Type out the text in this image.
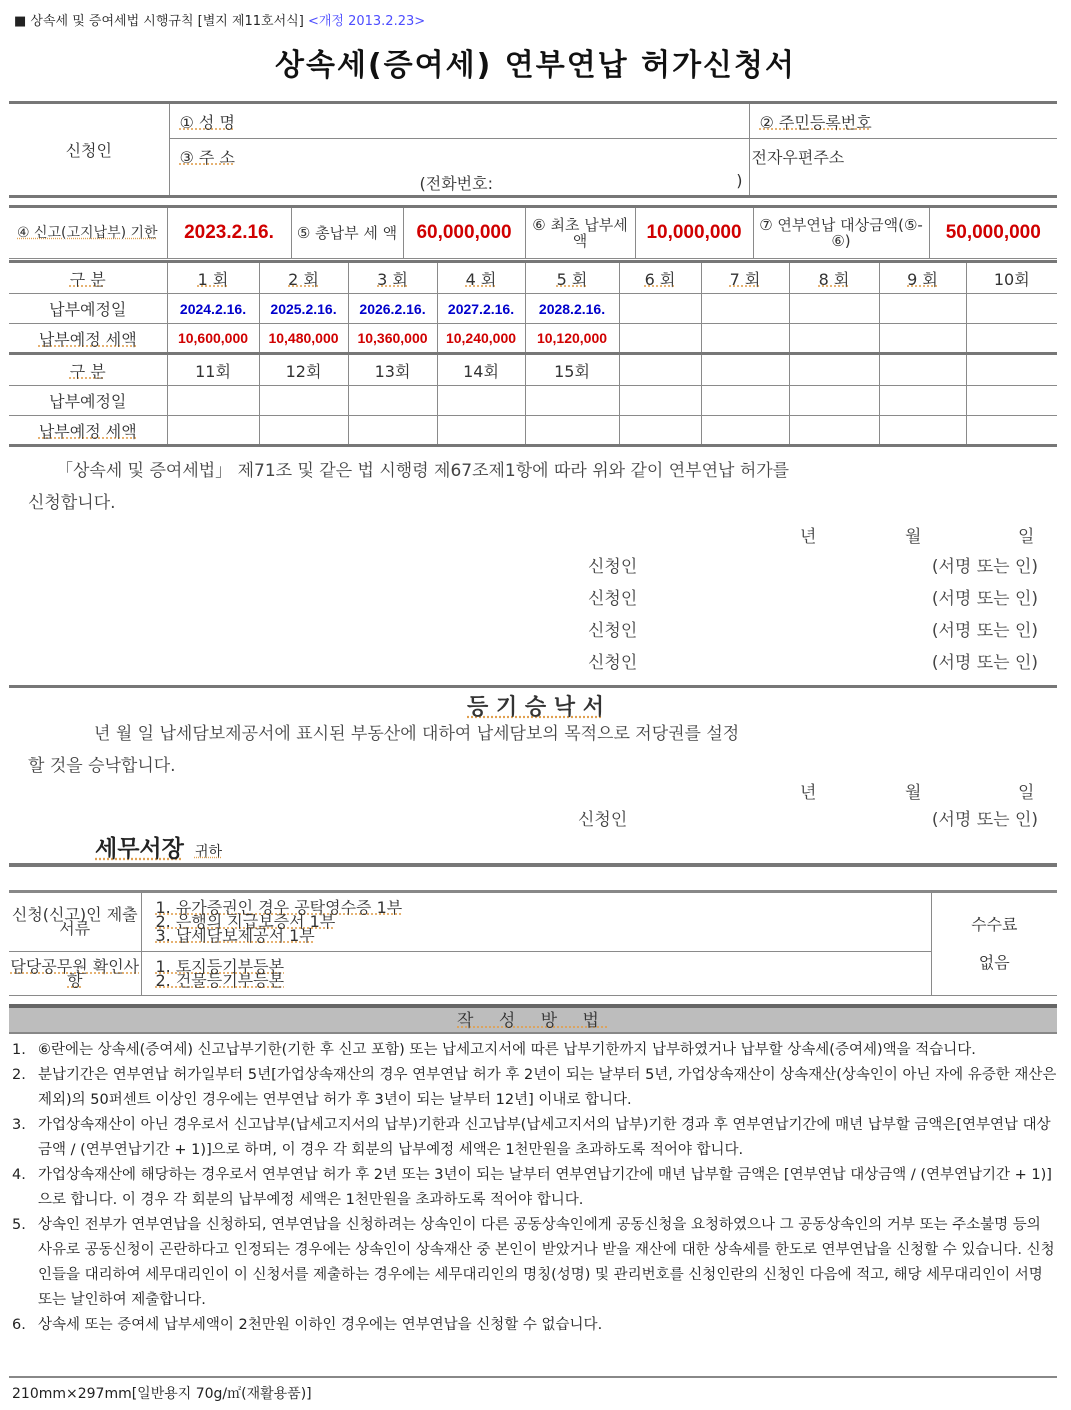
■ 상속세 및 증여세법 시행규칙 [별지 제11호서식] <개정 2013.2.23>
상속세(증여세) 연부연납 허가신청서
신청인	① 성 명	② 주민등록번호

	③ 주 소
(전화번호: )	전자우편주소
④ 신고(고지납부) 기한	2023.2.16.	⑤ 총납부 세 액	60,000,000	⑥ 최초 납부세액	10,000,000	⑦ 연부연납 대상금액(⑤-⑥)	50,000,000
구 분	1 회	2 회	3 회	4 회	5 회	6 회	7 회	8 회	9 회	10회
납부예정일	2024.2.16.	2025.2.16.	2026.2.16.	2027.2.16.	2028.2.16.					
납부예정 세액	10,600,000	10,480,000	10,360,000	10,240,000	10,120,000					
구 분	11회	12회	13회	14회	15회					
납부예정일										
납부예정 세액										
「상속세 및 증여세법」 제71조 및 같은 법 시행령 제67조제1항에 따라 위와 같이 연부연납 허가를
신청합니다.
년	월	일
신청인	(서명 또는 인)
신청인	(서명 또는 인)
신청인	(서명 또는 인)
신청인	(서명 또는 인)
등 기 승 낙 서
년 월 일 납세담보제공서에 표시된 부동산에 대하여 납세담보의 목적으로 저당권를 설정
할 것을 승낙합니다.
년	월	일
신청인	(서명 또는 인)
세무서장 귀하
신청(신고)인 제출서류	
1. 유가증권인 경우 공탁영수증 1부
2. 은행의 지급보증서 1부
3. 납세담보제공서 1부

수수료
없음

담당공무원 확인사항	1. 토지등기부등본
2. 건물등기부등본	
작 성 방 법
1. ⑥란에는 상속세(증여세) 신고납부기한(기한 후 신고 포함) 또는 납세고지서에 따른 납부기한까지 납부하였거나 납부할 상속세(증여세)액을 적습니다.
2. 분납기간은 연부연납 허가일부터 5년[가업상속재산의 경우 연부연납 허가 후 2년이 되는 날부터 5년, 가업상속재산이 상속재산(상속인이 아닌 자에 유증한 재산은 제외)의 50퍼센트 이상인 경우에는 연부연납 허가 후 3년이 되는 날부터 12년] 이내로 합니다.
3. 가업상속재산이 아닌 경우로서 신고납부(납세고지서의 납부)기한과 신고납부(납세고지서의 납부)기한 경과 후 연부연납기간에 매년 납부할 금액은[연부연납 대상금액 / (연부연납기간 + 1)]으로 하며, 이 경우 각 회분의 납부예정 세액은 1천만원을 초과하도록 적어야 합니다.
4. 가업상속재산에 해당하는 경우로서 연부연납 허가 후 2년 또는 3년이 되는 날부터 연부연납기간에 매년 납부할 금액은 [연부연납 대상금액 / (연부연납기간 + 1)]으로 합니다. 이 경우 각 회분의 납부예정 세액은 1천만원을 초과하도록 적어야 합니다.
5. 상속인 전부가 연부연납을 신청하되, 연부연납을 신청하려는 상속인이 다른 공동상속인에게 공동신청을 요청하였으나 그 공동상속인의 거부 또는 주소불명 등의 사유로 공동신청이 곤란하다고 인정되는 경우에는 상속인이 상속재산 중 본인이 받았거나 받을 재산에 대한 상속세를 한도로 연부연납을 신청할 수 있습니다. 신청인들을 대리하여 세무대리인이 이 신청서를 제출하는 경우에는 세무대리인의 명칭(성명) 및 관리번호를 신청인란의 신청인 다음에 적고, 해당 세무대리인이 서명 또는 날인하여 제출합니다.
6. 상속세 또는 증여세 납부세액이 2천만원 이하인 경우에는 연부연납을 신청할 수 없습니다.
210mm×297mm[일반용지 70g/㎡(재활용품)]
